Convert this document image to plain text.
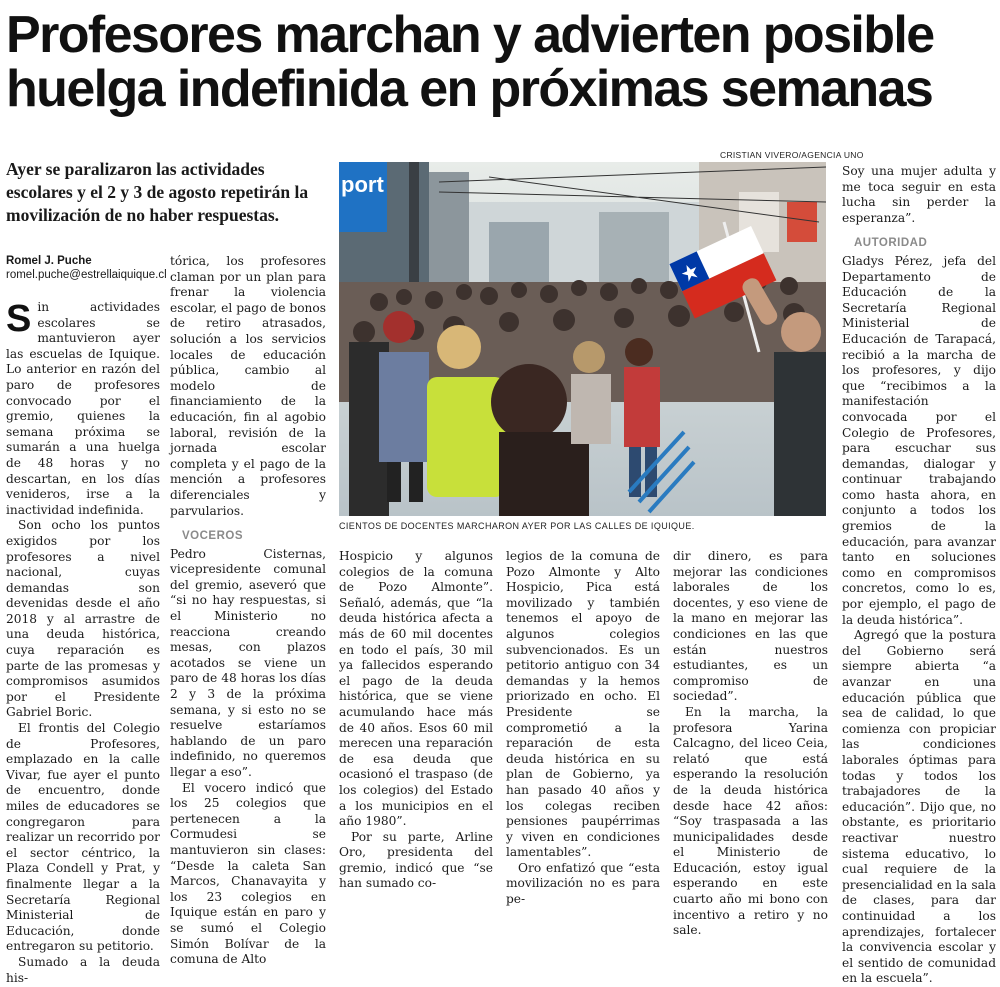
Profesores marchan y advierten posible
huelga indefinida en próximas semanas
Ayer se paralizaron las actividades escolares y el 2 y 3 de agosto repetirán la movilización de no haber respuestas.
Romel J. Puche
romel.puche@estrellaiquique.cl

Sin actividades escolares se mantuvieron ayer las escuelas de Iquique. Lo anterior en razón del paro de profesores convocado por el gremio, quienes la semana próxima se sumarán a una huelga de 48 horas y no descartan, en los días venideros, irse a la inactividad indefinida.

Son ocho los puntos exigidos por los profesores a nivel nacional, cuyas demandas son devenidas desde el año 2018 y al arrastre de una deuda histórica, cuya reparación es parte de las promesas y compromisos asumidos por el Presidente Gabriel Boric.

El frontis del Colegio de Profesores, emplazado en la calle Vivar, fue ayer el punto de encuentro, donde miles de educadores se congregaron para realizar un recorrido por el sector céntrico, la Plaza Condell y Prat, y finalmente llegar a la Secretaría Regional Ministerial de Educación, donde entregaron su petitorio.

Sumado a la deuda his-

tórica, los profesores claman por un plan para frenar la violencia escolar, el pago de bonos de retiro atrasados, solución a los servicios locales de educación pública, cambio al modelo de financiamiento de la educación, fin al agobio laboral, revisión de la jornada escolar completa y el pago de la mención a profesores diferenciales y parvularios.

VOCEROS

Pedro Cisternas, vicepresidente comunal del gremio, aseveró que “si no hay respuestas, si el Ministerio no reacciona creando mesas, con plazos acotados se viene un paro de 48 horas los días 2 y 3 de la próxima semana, y si esto no se resuelve estaríamos hablando de un paro indefinido, no queremos llegar a eso”.

El vocero indicó que los 25 colegios que pertenecen a la Cormudesi se mantuvieron sin clases: “Desde la caleta San Marcos, Chanavayita y los 23 colegios en Iquique están en paro y se sumó el Colegio Simón Bolívar de la comuna de Alto

CRISTIAN VIVERO/AGENCIA UNO
port
CIENTOS DE DOCENTES MARCHARON AYER POR LAS CALLES DE IQUIQUE.

Hospicio y algunos colegios de la comuna de Pozo Almonte”. Señaló, además, que “la deuda histórica afecta a más de 60 mil docentes en todo el país, 30 mil ya fallecidos esperando el pago de la deuda histórica, que se viene acumulando hace más de 40 años. Esos 60 mil merecen una reparación de esa deuda que ocasionó el traspaso (de los colegios) del Estado a los municipios en el año 1980”.

Por su parte, Arline Oro, presidenta del gremio, indicó que “se han sumado co-

legios de la comuna de Pozo Almonte y Alto Hospicio, Pica está movilizado y también tenemos el apoyo de algunos colegios subvencionados. Es un petitorio antiguo con 34 demandas y la hemos priorizado en ocho. El Presidente se comprometió a la reparación de esta deuda histórica en su plan de Gobierno, ya han pasado 40 años y los colegas reciben pensiones paupérrimas y viven en condiciones lamentables”.

Oro enfatizó que “esta movilización no es para pe-

dir dinero, es para mejorar las condiciones laborales de los docentes, y eso viene de la mano en mejorar las condiciones en las que están nuestros estudiantes, es un compromiso de sociedad”.

En la marcha, la profesora Yarina Calcagno, del liceo Ceia, relató que está esperando la resolución de la deuda histórica desde hace 42 años: “Soy traspasada a las municipalidades desde el Ministerio de Educación, estoy igual esperando en este cuarto año mi bono con incentivo a retiro y no sale.

Soy una mujer adulta y me toca seguir en esta lucha sin perder la esperanza”.

AUTORIDAD

Gladys Pérez, jefa del Departamento de Educación de la Secretaría Regional Ministerial de Educación de Tarapacá, recibió a la marcha de los profesores, y dijo que “recibimos a la manifestación convocada por el Colegio de Profesores, para escuchar sus demandas, dialogar y continuar trabajando como hasta ahora, en conjunto a todos los gremios de la educación, para avanzar tanto en soluciones como en compromisos concretos, como lo es, por ejemplo, el pago de la deuda histórica”.

Agregó que la postura del Gobierno será siempre abierta “a avanzar en una educación pública que sea de calidad, lo que comienza con propiciar las condiciones laborales óptimas para todas y todos los trabajadores de la educación”. Dijo que, no obstante, es prioritario reactivar nuestro sistema educativo, lo cual requiere de la presencialidad en la sala de clases, para dar continuidad a los aprendizajes, fortalecer la convivencia escolar y el sentido de comunidad en la escuela”.
